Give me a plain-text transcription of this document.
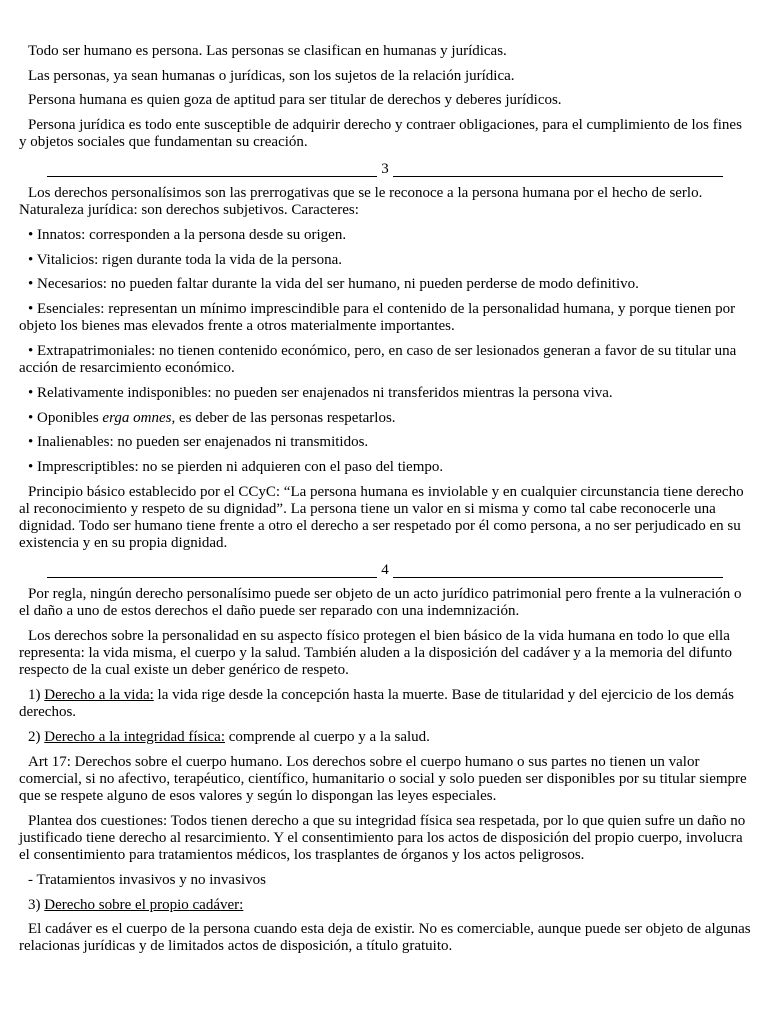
Todo ser humano es persona. Las personas se clasifican en humanas y jurídicas.

Las personas, ya sean humanas o jurídicas, son los sujetos de la relación jurídica.

Persona humana es quien goza de aptitud para ser titular de derechos y deberes jurídicos.

Persona jurídica es todo ente susceptible de adquirir derecho y contraer obligaciones, para el cumplimiento de los fines y objetos sociales que fundamentan su creación.

3

Los derechos personalísimos son las prerrogativas que se le reconoce a la persona humana por el hecho de serlo. Naturaleza jurídica: son derechos subjetivos. Caracteres:

• Innatos: corresponden a la persona desde su origen.

• Vitalicios: rigen durante toda la vida de la persona.

• Necesarios: no pueden faltar durante la vida del ser humano, ni pueden perderse de modo definitivo.

• Esenciales: representan un mínimo imprescindible para el contenido de la personalidad humana, y porque tienen por objeto los bienes mas elevados frente a otros materialmente importantes.

• Extrapatrimoniales: no tienen contenido económico, pero, en caso de ser lesionados generan a favor de su titular una acción de resarcimiento económico.

• Relativamente indisponibles: no pueden ser enajenados ni transferidos mientras la persona viva.

• Oponibles erga omnes, es deber de las personas respetarlos.

• Inalienables: no pueden ser enajenados ni transmitidos.

• Imprescriptibles: no se pierden ni adquieren con el paso del tiempo.

Principio básico establecido por el CCyC: “La persona humana es inviolable y en cualquier circunstancia tiene derecho al reconocimiento y respeto de su dignidad”. La persona tiene un valor en si misma y como tal cabe reconocerle una dignidad. Todo ser humano tiene frente a otro el derecho a ser respetado por él como persona, a no ser perjudicado en su existencia y en su propia dignidad.

4

Por regla, ningún derecho personalísimo puede ser objeto de un acto jurídico patrimonial pero frente a la vulneración o el daño a uno de estos derechos el daño puede ser reparado con una indemnización.

Los derechos sobre la personalidad en su aspecto físico protegen el bien básico de la vida humana en todo lo que ella representa: la vida misma, el cuerpo y la salud. También aluden a la disposición del cadáver y a la memoria del difunto respecto de la cual existe un deber genérico de respeto.

1) Derecho a la vida: la vida rige desde la concepción hasta la muerte. Base de titularidad y del ejercicio de los demás derechos.

2) Derecho a la integridad física: comprende al cuerpo y a la salud.

Art 17: Derechos sobre el cuerpo humano. Los derechos sobre el cuerpo humano o sus partes no tienen un valor comercial, si no afectivo, terapéutico, científico, humanitario o social y solo pueden ser disponibles por su titular siempre que se respete alguno de esos valores y según lo dispongan las leyes especiales.

Plantea dos cuestiones: Todos tienen derecho a que su integridad física sea respetada, por lo que quien sufre un daño no justificado tiene derecho al resarcimiento. Y el consentimiento para los actos de disposición del propio cuerpo, involucra el consentimiento para tratamientos médicos, los trasplantes de órganos y los actos peligrosos.

- Tratamientos invasivos y no invasivos

3) Derecho sobre el propio cadáver:

El cadáver es el cuerpo de la persona cuando esta deja de existir. No es comerciable, aunque puede ser objeto de algunas relacionas jurídicas y de limitados actos de disposición, a título gratuito.
